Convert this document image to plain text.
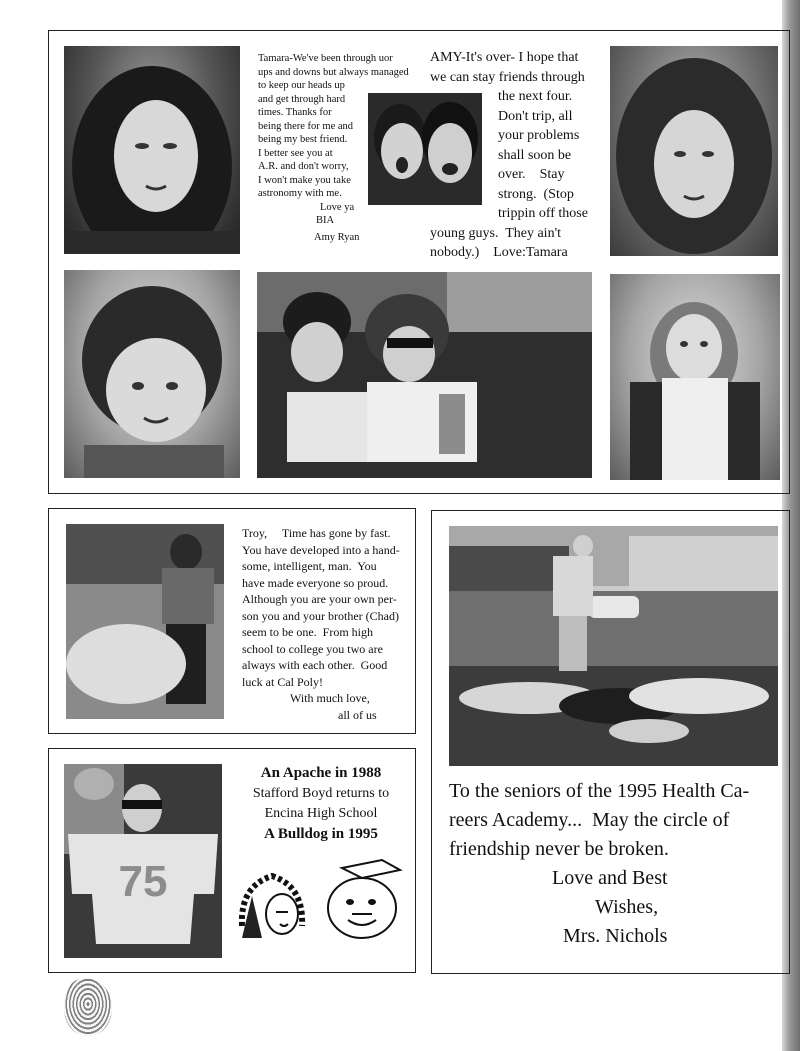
Tamara-We've been through uor
ups and downs but always managed
to keep our heads up
and get through hard
times. Thanks for
being there for me and
being my best friend.
I better see you at
A.R. and don't worry,
I won't make you take
astronomy with me.
Love ya
BIA
Amy Ryan
AMY-It's over- I hope that
we can stay friends through
the next four.
Don't trip, all
your problems
shall soon be
over.    Stay
strong.  (Stop
trippin off those
young guys.  They ain't
nobody.)    Love:Tamara
Troy,     Time has gone by fast.
You have developed into a hand-
some, intelligent, man.  You
have made everyone so proud.
Although you are your own per-
son you and your brother (Chad)
seem to be one.  From high
school to college you two are
always with each other.  Good
luck at Cal Poly!
With much love,
all of us
75
An Apache in 1988
Stafford Boyd returns to
Encina High School
A Bulldog in 1995
To the seniors of the 1995 Health Ca-
reers Academy...  May the circle of
friendship never be broken.
Love and Best
Wishes,
Mrs. Nichols
